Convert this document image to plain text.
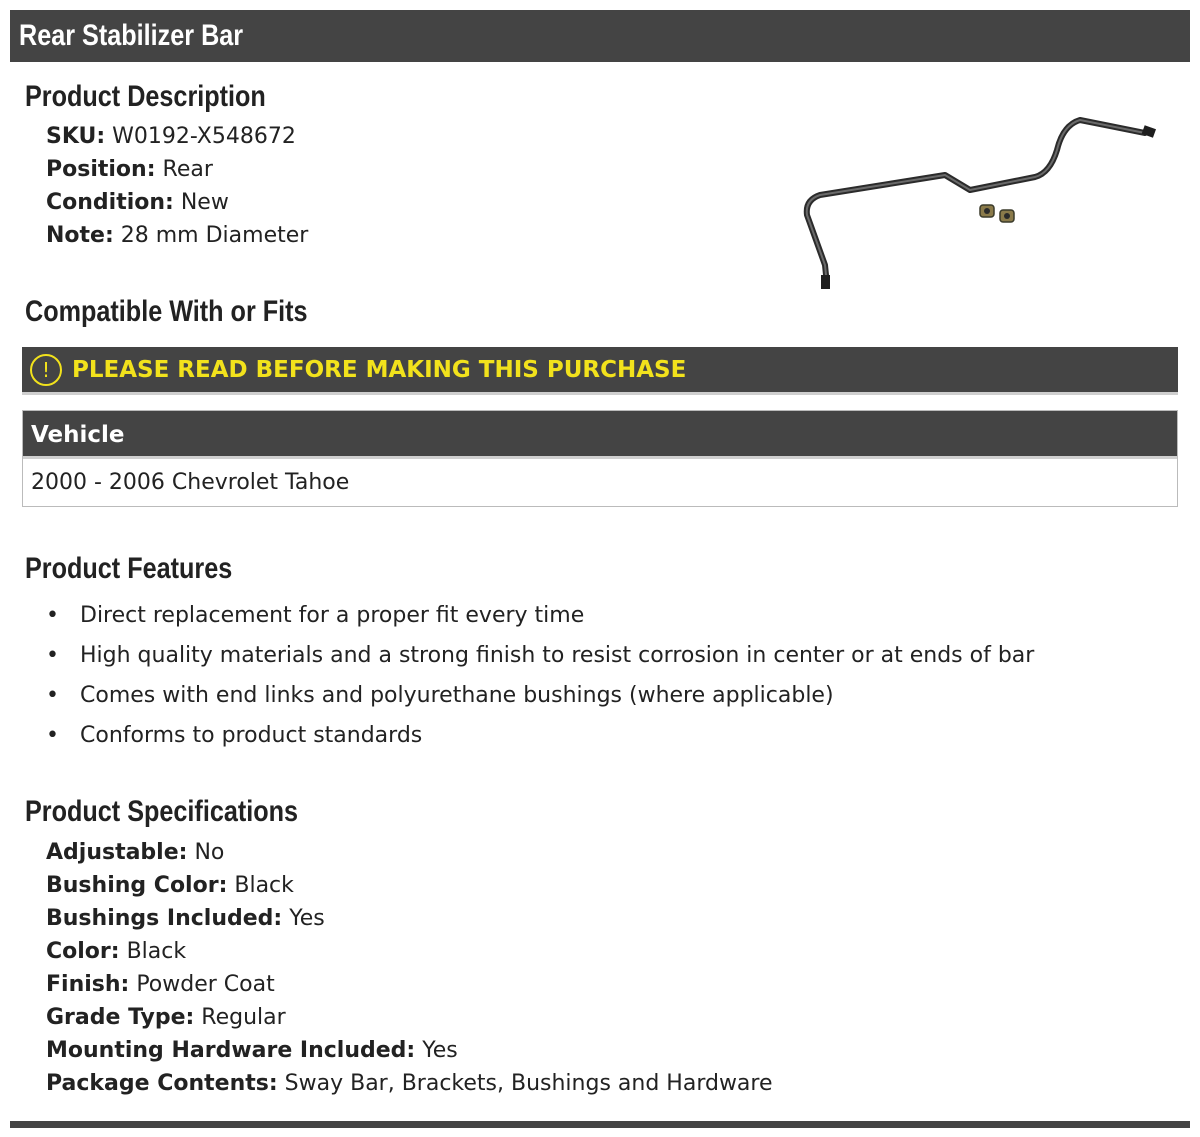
Rear Stabilizer Bar
Product Description
SKU: W0192-X548672
Position: Rear
Condition: New
Note: 28 mm Diameter
Compatible With or Fits
! PLEASE READ BEFORE MAKING THIS PURCHASE
Vehicle
2000 - 2006 Chevrolet Tahoe
Product Features
• Direct replacement for a proper fit every time
• High quality materials and a strong finish to resist corrosion in center or at ends of bar
• Comes with end links and polyurethane bushings (where applicable)
• Conforms to product standards
Product Specifications
Adjustable: No
Bushing Color: Black
Bushings Included: Yes
Color: Black
Finish: Powder Coat
Grade Type: Regular
Mounting Hardware Included: Yes
Package Contents: Sway Bar, Brackets, Bushings and Hardware
